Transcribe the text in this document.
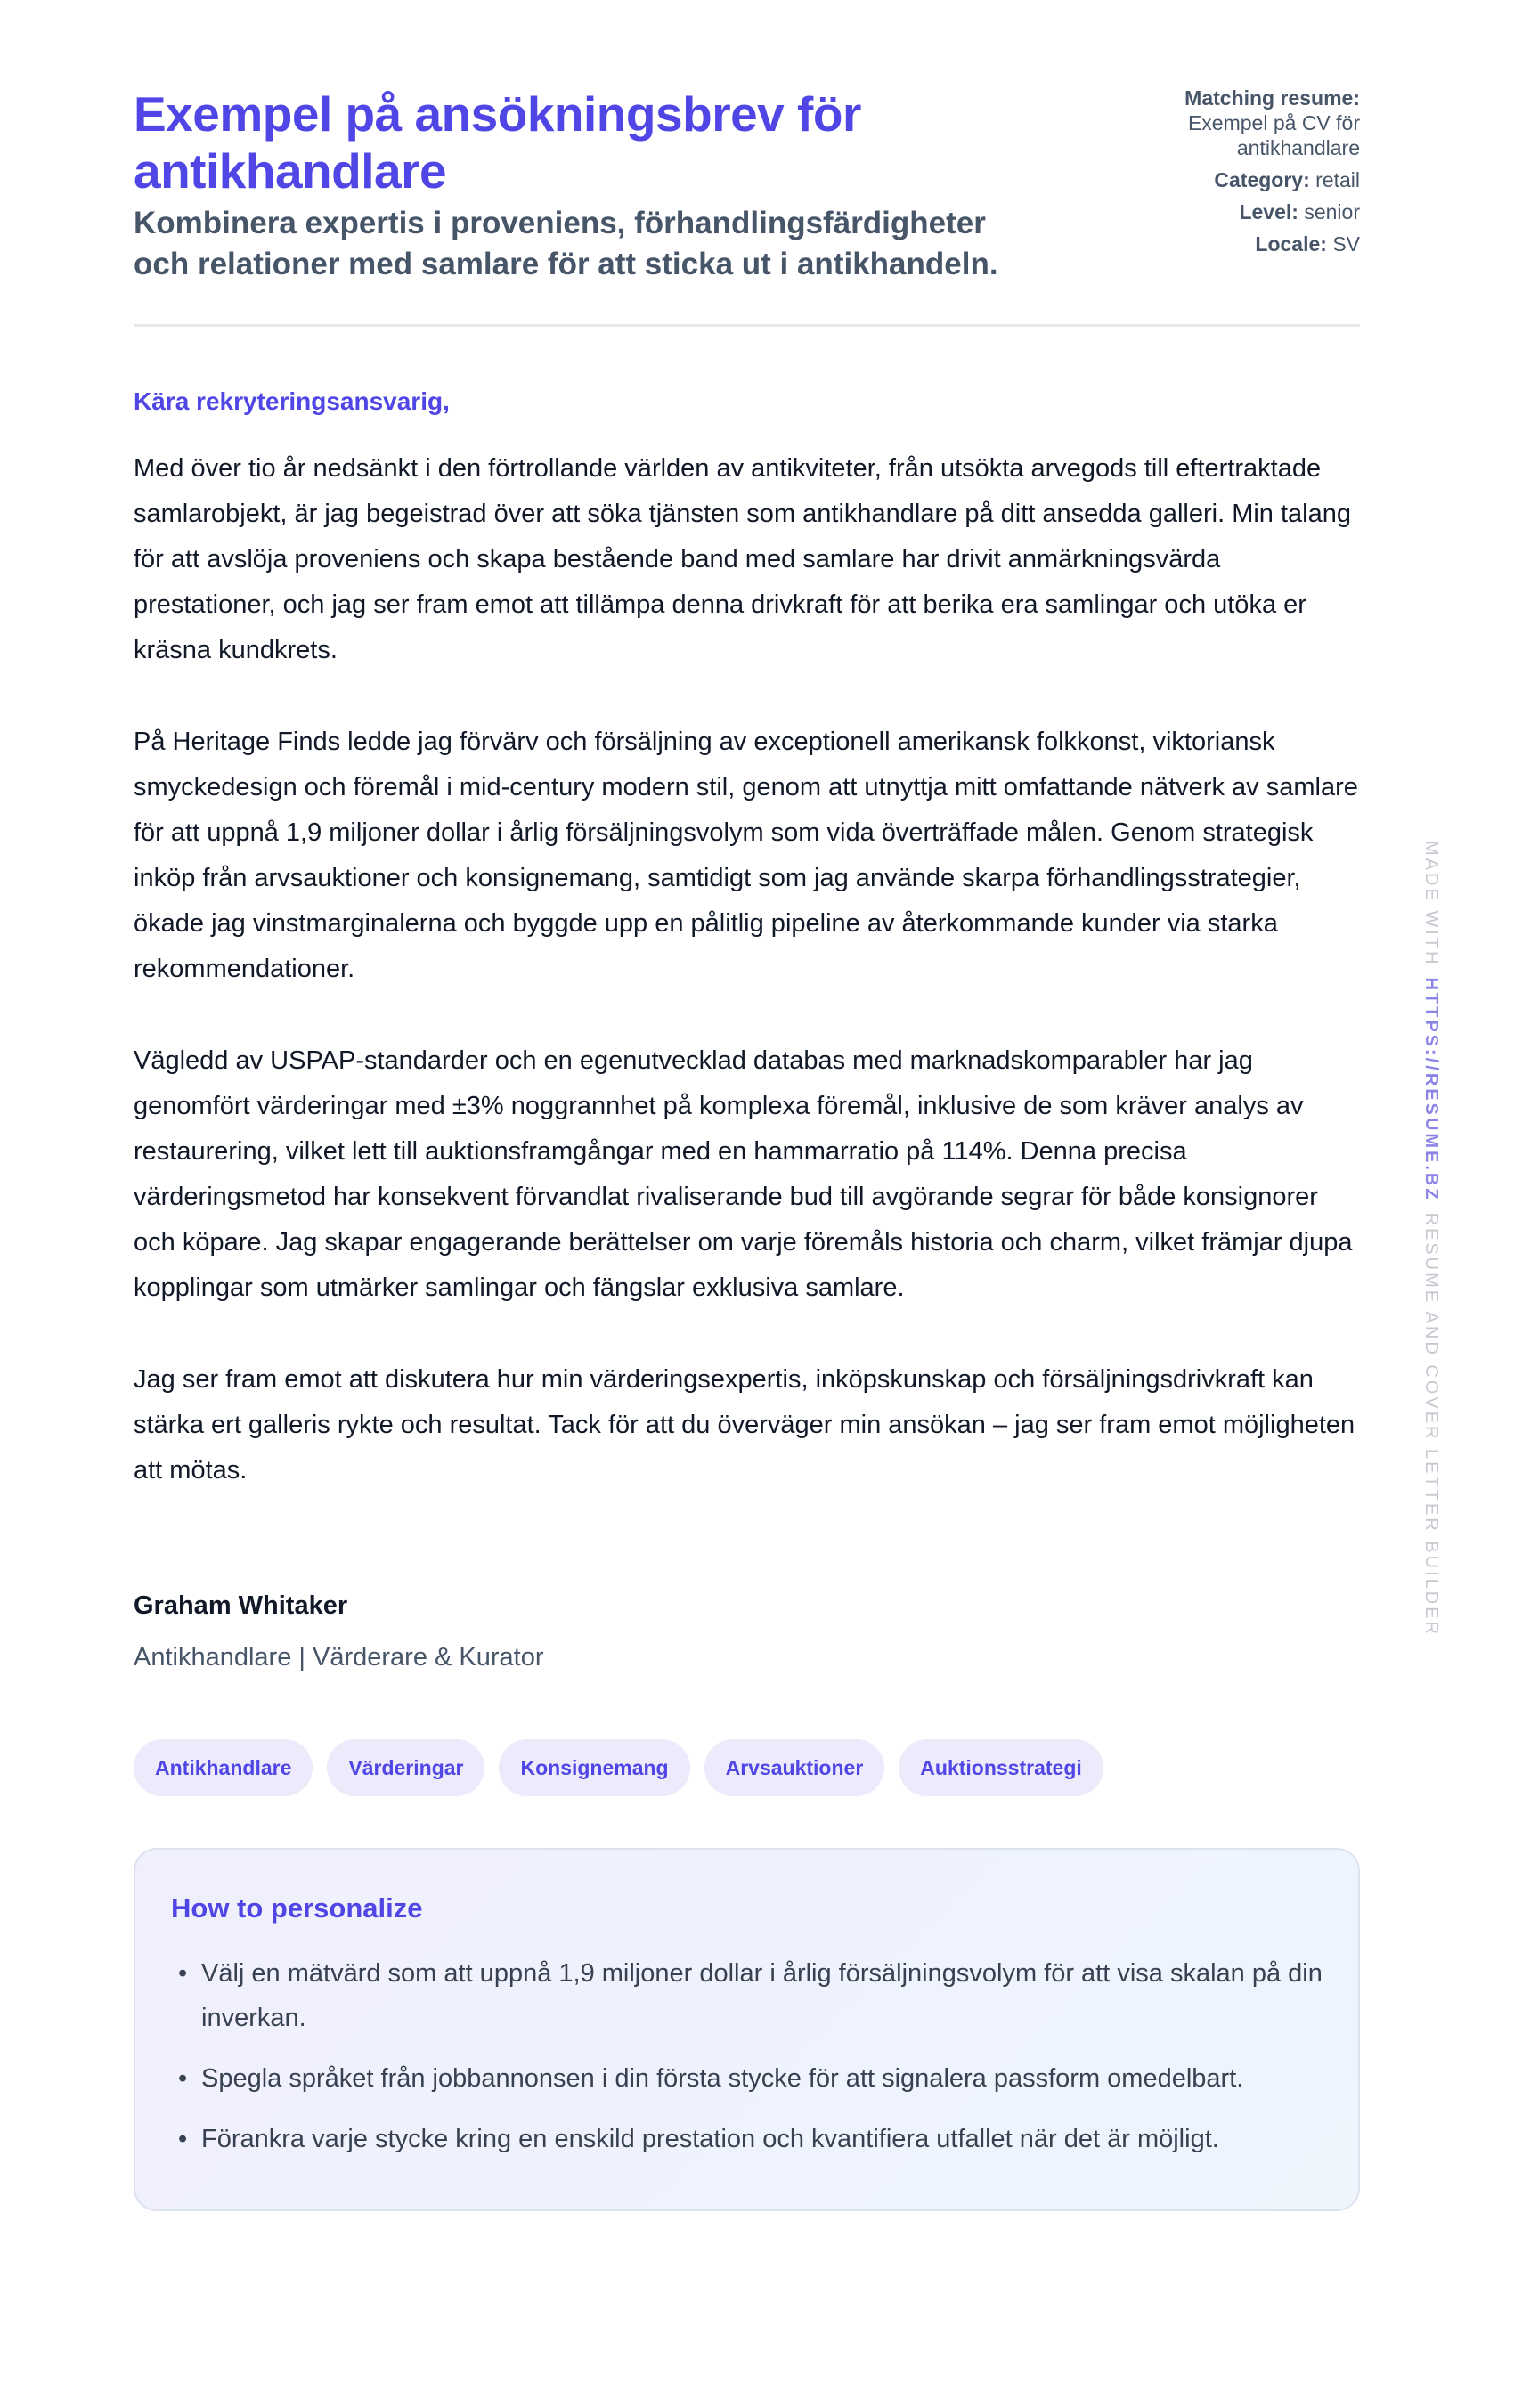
Exempel på ansökningsbrev för antikhandlare

Kombinera expertis i proveniens, förhandlingsfärdigheter och relationer med samlare för att sticka ut i antikhandeln.

Matching resume:
Exempel på CV för antikhandlare
Category: retail
Level: senior
Locale: SV
Kära rekryteringsansvarig,

Med över tio år nedsänkt i den förtrollande världen av antikviteter, från utsökta arvegods till eftertraktade samlarobjekt, är jag begeistrad över att söka tjänsten som antikhandlare på ditt ansedda galleri. Min talang för att avslöja proveniens och skapa bestående band med samlare har drivit anmärkningsvärda prestationer, och jag ser fram emot att tillämpa denna drivkraft för att berika era samlingar och utöka er kräsna kundkrets.

På Heritage Finds ledde jag förvärv och försäljning av exceptionell amerikansk folkkonst, viktoriansk smyckedesign och föremål i mid-century modern stil, genom att utnyttja mitt omfattande nätverk av samlare för att uppnå 1,9 miljoner dollar i årlig försäljningsvolym som vida överträffade målen. Genom strategisk inköp från arvsauktioner och konsignemang, samtidigt som jag använde skarpa förhandlingsstrategier, ökade jag vinstmarginalerna och byggde upp en pålitlig pipeline av återkommande kunder via starka rekommendationer.

Vägledd av USPAP-standarder och en egenutvecklad databas med marknadskomparabler har jag genomfört värderingar med ±3% noggrannhet på komplexa föremål, inklusive de som kräver analys av restaurering, vilket lett till auktionsframgångar med en hammarratio på 114%. Denna precisa värderingsmetod har konsekvent förvandlat rivaliserande bud till avgörande segrar för både konsignorer och köpare. Jag skapar engagerande berättelser om varje föremåls historia och charm, vilket främjar djupa kopplingar som utmärker samlingar och fängslar exklusiva samlare.

Jag ser fram emot att diskutera hur min värderingsexpertis, inköpskunskap och försäljningsdrivkraft kan stärka ert galleris rykte och resultat. Tack för att du överväger min ansökan – jag ser fram emot möjligheten att mötas.

Graham Whitaker
Antikhandlare | Värderare & Kurator
Antikhandlare	Värderingar	Konsignemang	Arvsauktioner	Auktionsstrategi
How to personalize
• Välj en mätvärd som att uppnå 1,9 miljoner dollar i årlig försäljningsvolym för att visa skalan på din inverkan.
• Spegla språket från jobbannonsen i din första stycke för att signalera passform omedelbart.
• Förankra varje stycke kring en enskild prestation och kvantifiera utfallet när det är möjligt.
MADE WITHHTTPS://RESUME.BZRESUME AND COVER LETTER BUILDER
